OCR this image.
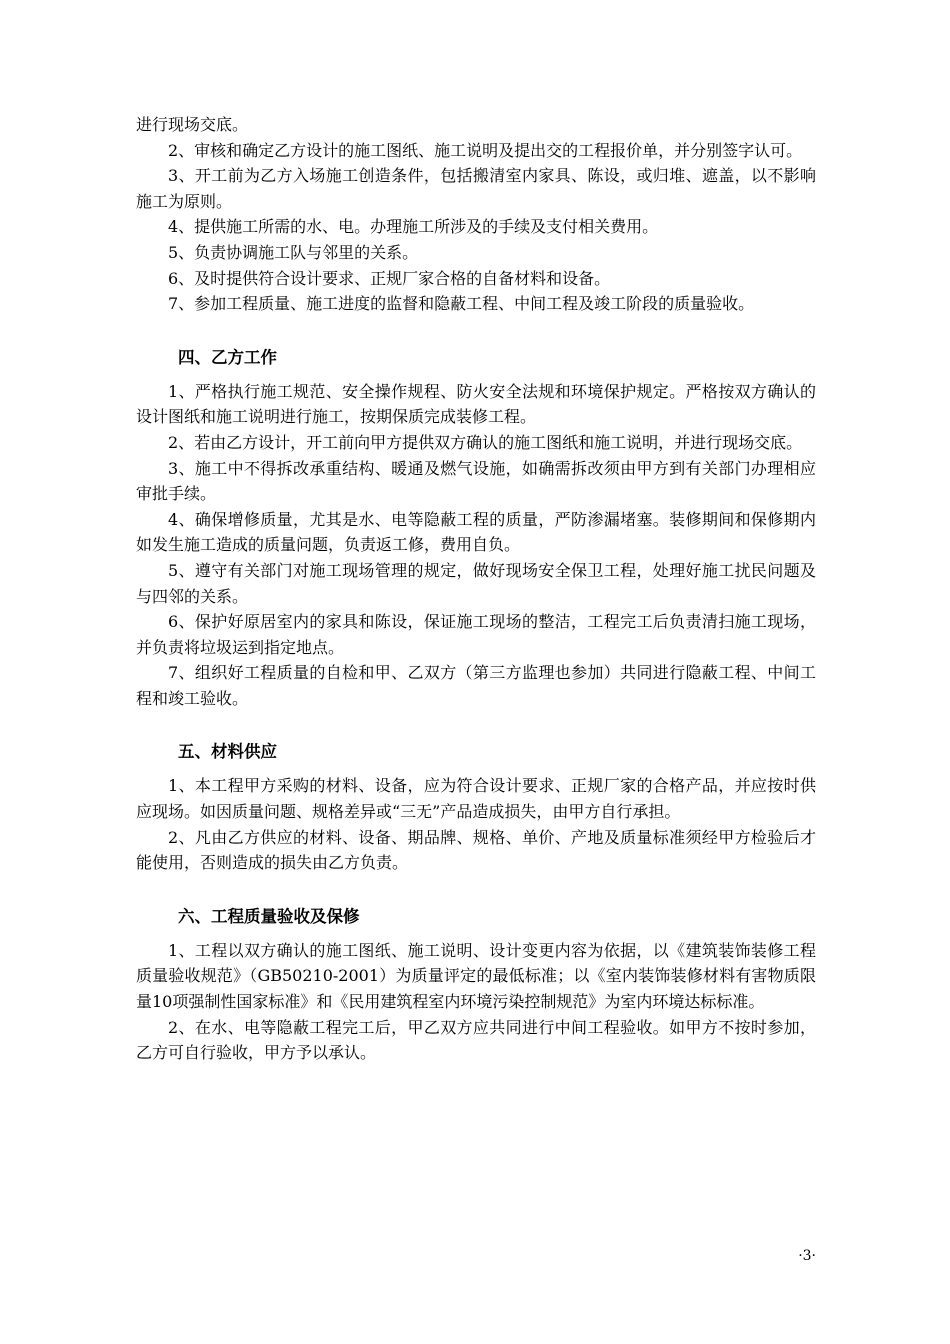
进行现场交底。

2、审核和确定乙方设计的施工图纸、施工说明及提出交的工程报价单，并分别签字认可。

3、开工前为乙方入场施工创造条件，包括搬清室内家具、陈设，或归堆、遮盖，以不影响施工为原则。

4、提供施工所需的水、电。办理施工所涉及的手续及支付相关费用。

5、负责协调施工队与邻里的关系。

6、及时提供符合设计要求、正规厂家合格的自备材料和设备。

7、参加工程质量、施工进度的监督和隐蔽工程、中间工程及竣工阶段的质量验收。

四、乙方工作

1、严格执行施工规范、安全操作规程、防火安全法规和环境保护规定。严格按双方确认的设计图纸和施工说明进行施工，按期保质完成装修工程。

2、若由乙方设计，开工前向甲方提供双方确认的施工图纸和施工说明，并进行现场交底。

3、施工中不得拆改承重结构、暖通及燃气设施，如确需拆改须由甲方到有关部门办理相应审批手续。

4、确保增修质量，尤其是水、电等隐蔽工程的质量，严防渗漏堵塞。装修期间和保修期内如发生施工造成的质量问题，负责返工修，费用自负。

5、遵守有关部门对施工现场管理的规定，做好现场安全保卫工程，处理好施工扰民问题及与四邻的关系。

6、保护好原居室内的家具和陈设，保证施工现场的整洁，工程完工后负责清扫施工现场，并负责将垃圾运到指定地点。

7、组织好工程质量的自检和甲、乙双方（第三方监理也参加）共同进行隐蔽工程、中间工程和竣工验收。

五、材料供应

1、本工程甲方采购的材料、设备，应为符合设计要求、正规厂家的合格产品，并应按时供应现场。如因质量问题、规格差异或“三无”产品造成损失，由甲方自行承担。

2、凡由乙方供应的材料、设备、期品牌、规格、单价、产地及质量标准须经甲方检验后才能使用，否则造成的损失由乙方负责。

六、工程质量验收及保修

1、工程以双方确认的施工图纸、施工说明、设计变更内容为依据，以《建筑装饰装修工程质量验收规范》（GB50210-2001）为质量评定的最低标准；以《室内装饰装修材料有害物质限量10项强制性国家标准》和《民用建筑程室内环境污染控制规范》为室内环境达标标准。

2、在水、电等隐蔽工程完工后，甲乙双方应共同进行中间工程验收。如甲方不按时参加，乙方可自行验收，甲方予以承认。

·3·
